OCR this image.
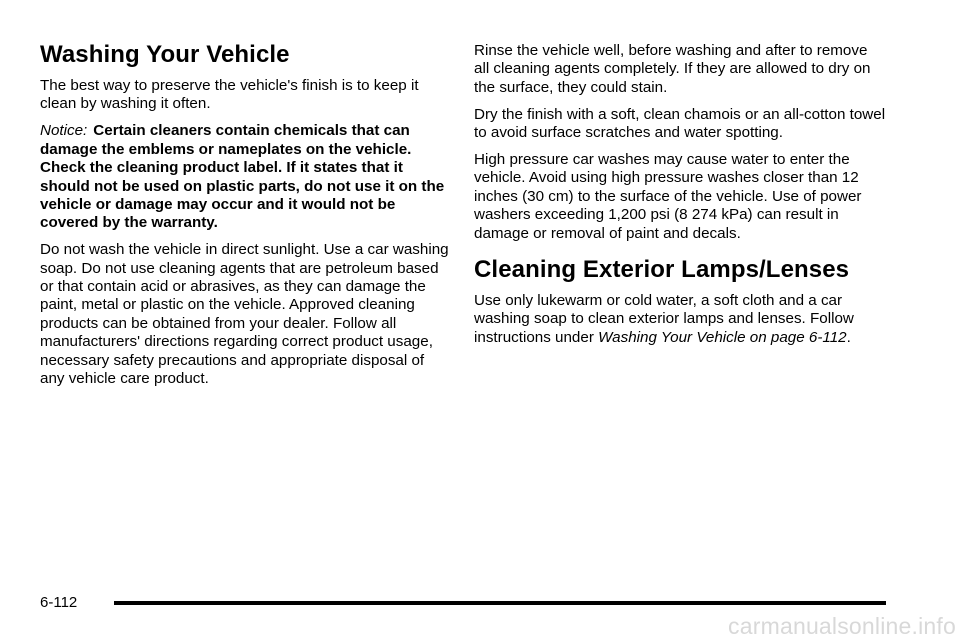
Washing Your Vehicle

The best way to preserve the vehicle's finish is to keep it clean by washing it often.

Notice: Certain cleaners contain chemicals that can damage the emblems or nameplates on the vehicle. Check the cleaning product label. If it states that it should not be used on plastic parts, do not use it on the vehicle or damage may occur and it would not be covered by the warranty.

Do not wash the vehicle in direct sunlight. Use a car washing soap. Do not use cleaning agents that are petroleum based or that contain acid or abrasives, as they can damage the paint, metal or plastic on the vehicle. Approved cleaning products can be obtained from your dealer. Follow all manufacturers' directions regarding correct product usage, necessary safety precautions and appropriate disposal of any vehicle care product.

Rinse the vehicle well, before washing and after to remove all cleaning agents completely. If they are allowed to dry on the surface, they could stain.

Dry the finish with a soft, clean chamois or an all-cotton towel to avoid surface scratches and water spotting.

High pressure car washes may cause water to enter the vehicle. Avoid using high pressure washes closer than 12 inches (30 cm) to the surface of the vehicle. Use of power washers exceeding 1,200 psi (8 274 kPa) can result in damage or removal of paint and decals.

Cleaning Exterior Lamps/Lenses

Use only lukewarm or cold water, a soft cloth and a car washing soap to clean exterior lamps and lenses. Follow instructions under Washing Your Vehicle on page 6-112.

6-112
carmanualsonline.info
